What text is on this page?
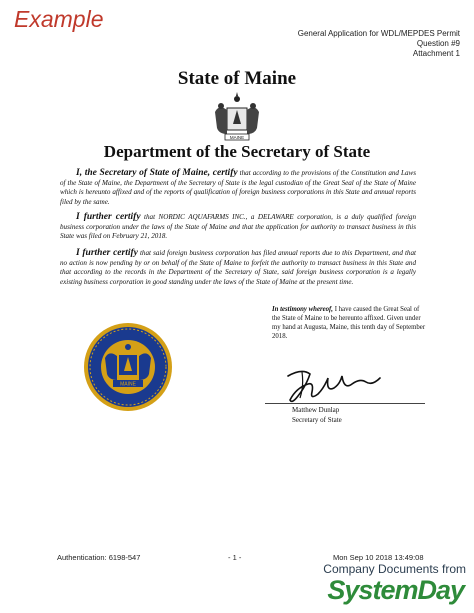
Example
General Application for WDL/MEPDES Permit
Question #9
Attachment 1
State of Maine
MAINE
Department of the Secretary of State
I, the Secretary of State of Maine, certify that according to the provisions of the Constitution and Laws of the State of Maine, the Department of the Secretary of State is the legal custodian of the Great Seal of the State of Maine which is hereunto affixed and of the reports of qualification of foreign business corporations in this State and annual reports filed by the same.
I further certify that NORDIC AQUAFARMS INC., a DELAWARE corporation, is a duly qualified foreign business corporation under the laws of the State of Maine and that the application for authority to transact business in this State was filed on February 21, 2018.
I further certify that said foreign business corporation has filed annual reports due to this Department, and that no action is now pending by or on behalf of the State of Maine to forfeit the authority to transact business in this State and that according to the records in the Department of the Secretary of State, said foreign business corporation is a legally existing business corporation in good standing under the laws of the State of Maine at the present time.
In testimony whereof, I have caused the Great Seal of the State of Maine to be hereunto affixed. Given under my hand at Augusta, Maine, this tenth day of September 2018.
MAINE
Matthew Dunlap
Secretary of State
Authentication: 6198-547	- 1 -	Mon Sep 10 2018 13:49:08
Company Documents from
SystemDay
